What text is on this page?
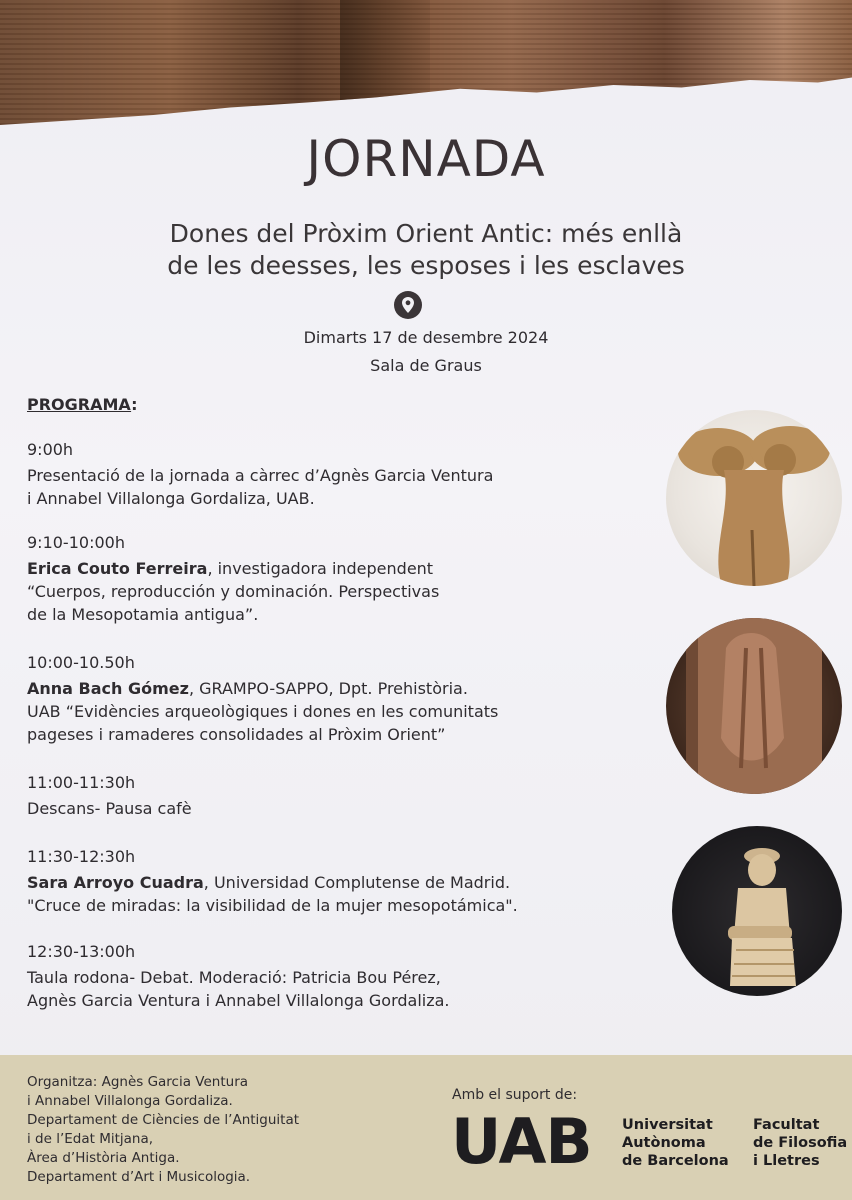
JORNADA
Dones del Pròxim Orient Antic: més enllà
de les deesses, les esposes i les esclaves
Dimarts 17 de desembre 2024
Sala de Graus
PROGRAMA:
9:00h
Presentació de la jornada a càrrec d’Agnès Garcia Ventura
i Annabel Villalonga Gordaliza, UAB.
9:10-10:00h
Erica Couto Ferreira, investigadora independent
“Cuerpos, reproducción y dominación. Perspectivas
de la Mesopotamia antigua”.
10:00-10.50h
Anna Bach Gómez, GRAMPO-SAPPO, Dpt. Prehistòria.
UAB “Evidències arqueològiques i dones en les comunitats
pageses i ramaderes consolidades al Pròxim Orient”
11:00-11:30h
Descans- Pausa cafè
11:30-12:30h
Sara Arroyo Cuadra, Universidad Complutense de Madrid.
"Cruce de miradas: la visibilidad de la mujer mesopotámica".
12:30-13:00h
Taula rodona- Debat. Moderació: Patricia Bou Pérez,
Agnès Garcia Ventura i Annabel Villalonga Gordaliza.
Organitza: Agnès Garcia Ventura
i Annabel Villalonga Gordaliza.
Departament de Ciències de l’Antiguitat
i de l’Edat Mitjana,
Àrea d’Història Antiga.
Departament d’Art i Musicologia.
Amb el suport de:
UAB Universitat
Autònoma
de Barcelona
Facultat
de Filosofia
i Lletres
